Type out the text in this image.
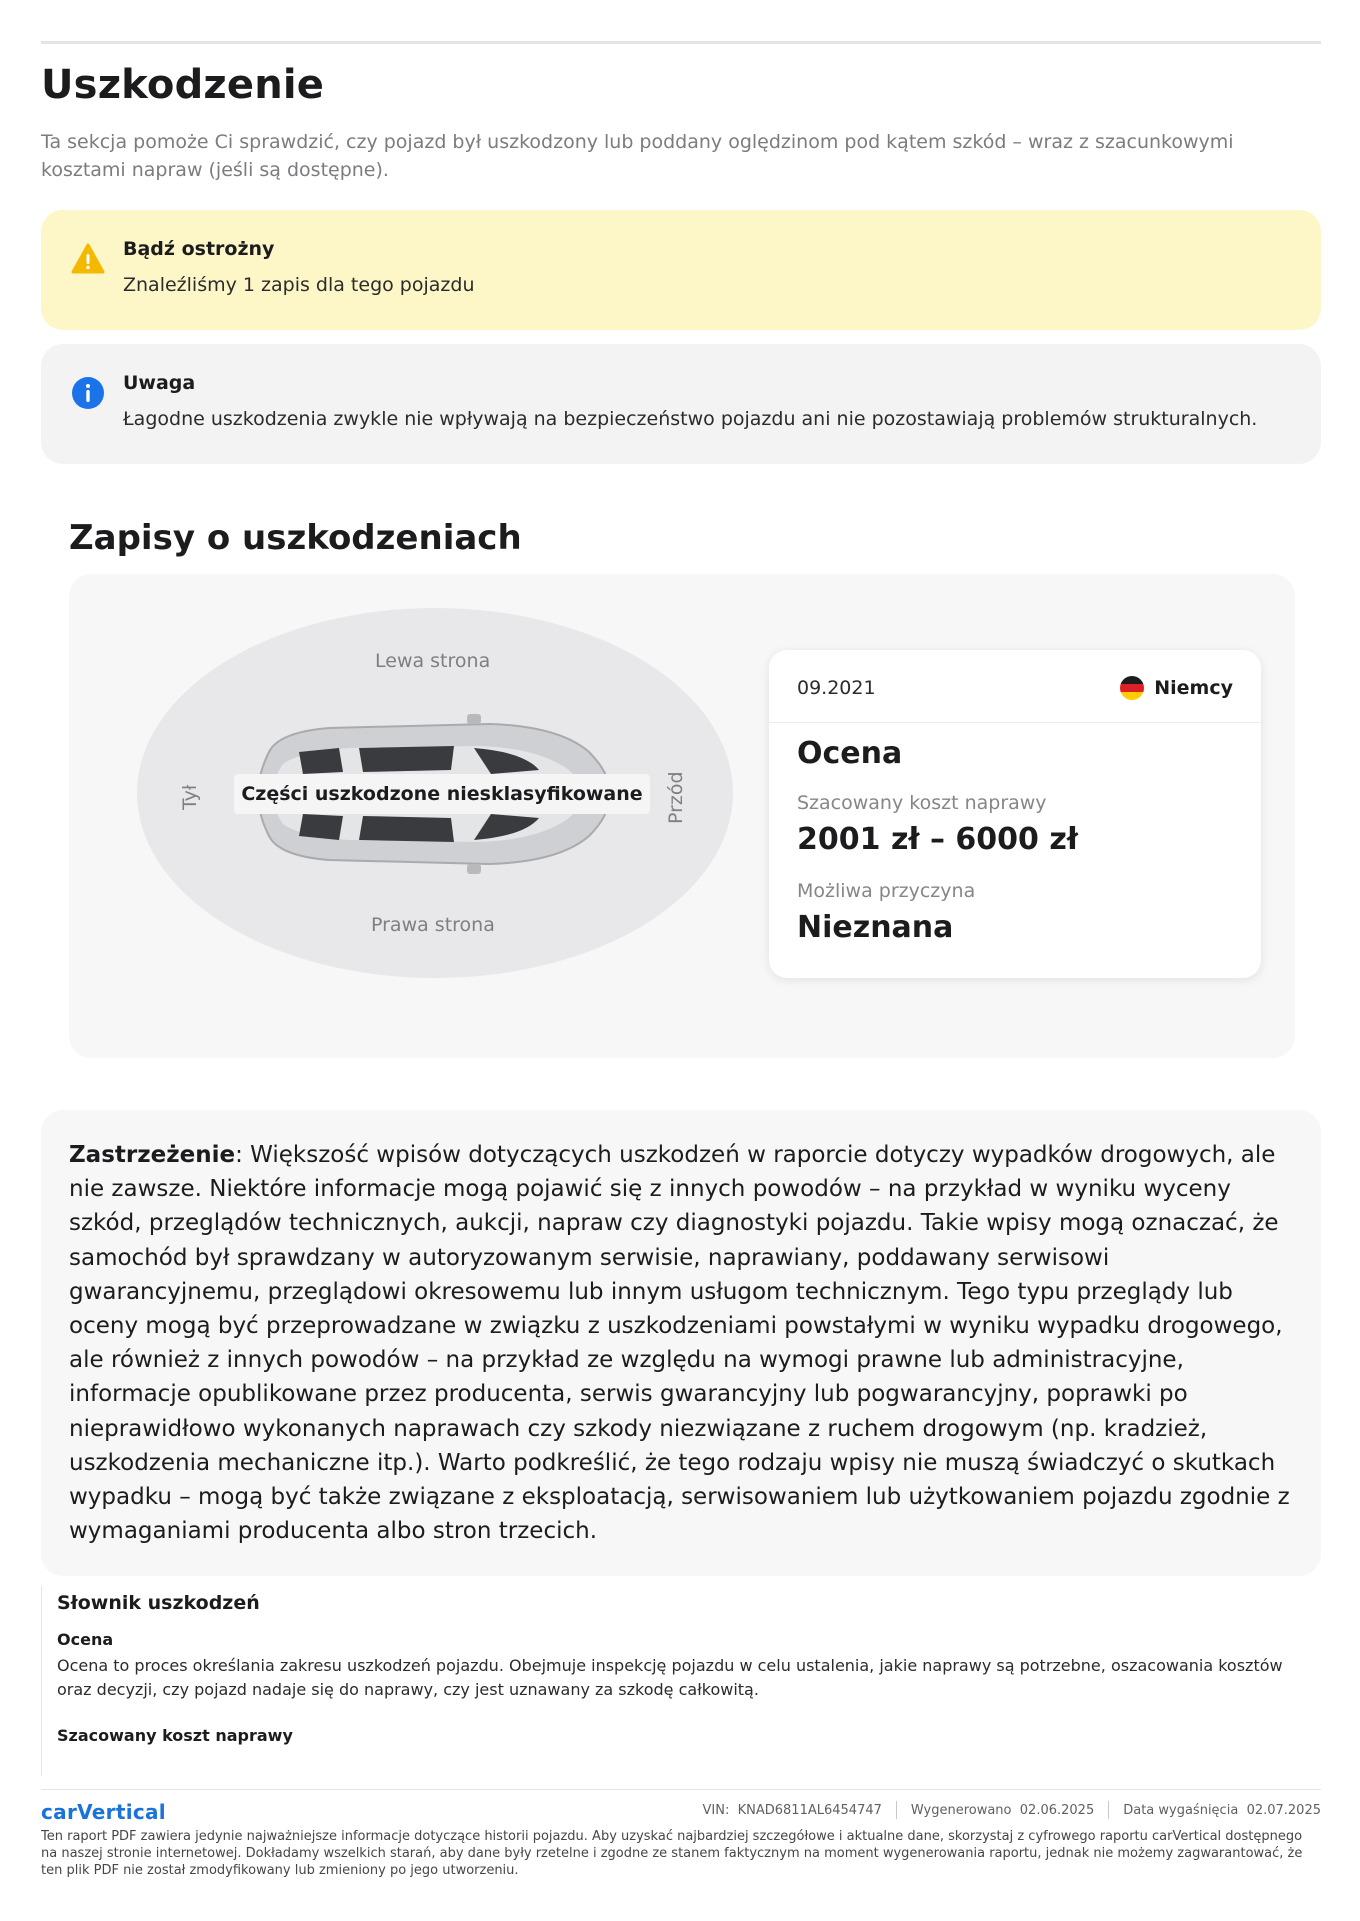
Uszkodzenie

Ta sekcja pomoże Ci sprawdzić, czy pojazd był uszkodzony lub poddany oględzinom pod kątem szkód – wraz z szacunkowymi kosztami napraw (jeśli są dostępne).

Bądź ostrożny
Znaleźliśmy 1 zapis dla tego pojazdu
Uwaga
Łagodne uszkodzenia zwykle nie wpływają na bezpieczeństwo pojazdu ani nie pozostawiają problemów strukturalnych.
Zapisy o uszkodzeniach
Lewa strona
Prawa strona
Tył	Przód
Części uszkodzone niesklasyfikowane
09.2021	Niemcy
Ocena
Szacowany koszt naprawy
2001 zł – 6000 zł
Możliwa przyczyna
Nieznana

Zastrzeżenie: Większość wpisów dotyczących uszkodzeń w raporcie dotyczy wypadków drogowych, ale nie zawsze. Niektóre informacje mogą pojawić się z innych powodów – na przykład w wyniku wyceny szkód, przeglądów technicznych, aukcji, napraw czy diagnostyki pojazdu. Takie wpisy mogą oznaczać, że samochód był sprawdzany w autoryzowanym serwisie, naprawiany, poddawany serwisowi gwarancyjnemu, przeglądowi okresowemu lub innym usługom technicznym. Tego typu przeglądy lub oceny mogą być przeprowadzane w związku z uszkodzeniami powstałymi w wyniku wypadku drogowego, ale również z innych powodów – na przykład ze względu na wymogi prawne lub administracyjne, informacje opublikowane przez producenta, serwis gwarancyjny lub pogwarancyjny, poprawki po nieprawidłowo wykonanych naprawach czy szkody niezwiązane z ruchem drogowym (np. kradzież, uszkodzenia mechaniczne itp.). Warto podkreślić, że tego rodzaju wpisy nie muszą świadczyć o skutkach wypadku – mogą być także związane z eksploatacją, serwisowaniem lub użytkowaniem pojazdu zgodnie z wymaganiami producenta albo stron trzecich.

Słownik uszkodzeń
Ocena
Ocena to proces określania zakresu uszkodzeń pojazdu. Obejmuje inspekcję pojazdu w celu ustalenia, jakie naprawy są potrzebne, oszacowania kosztów oraz decyzji, czy pojazd nadaje się do naprawy, czy jest uznawany za szkodę całkowitą.
Szacowany koszt naprawy
carVertical	VIN:
KNAD6811AL6454747 Wygenerowano
02.06.2025 Data wygaśnięcia
02.07.2025

Ten raport PDF zawiera jedynie najważniejsze informacje dotyczące historii pojazdu. Aby uzyskać najbardziej szczegółowe i aktualne dane, skorzystaj z cyfrowego raportu carVertical dostępnego na naszej stronie internetowej. Dokładamy wszelkich starań, aby dane były rzetelne i zgodne ze stanem faktycznym na moment wygenerowania raportu, jednak nie możemy zagwarantować, że ten plik PDF nie został zmodyfikowany lub zmieniony po jego utworzeniu.
